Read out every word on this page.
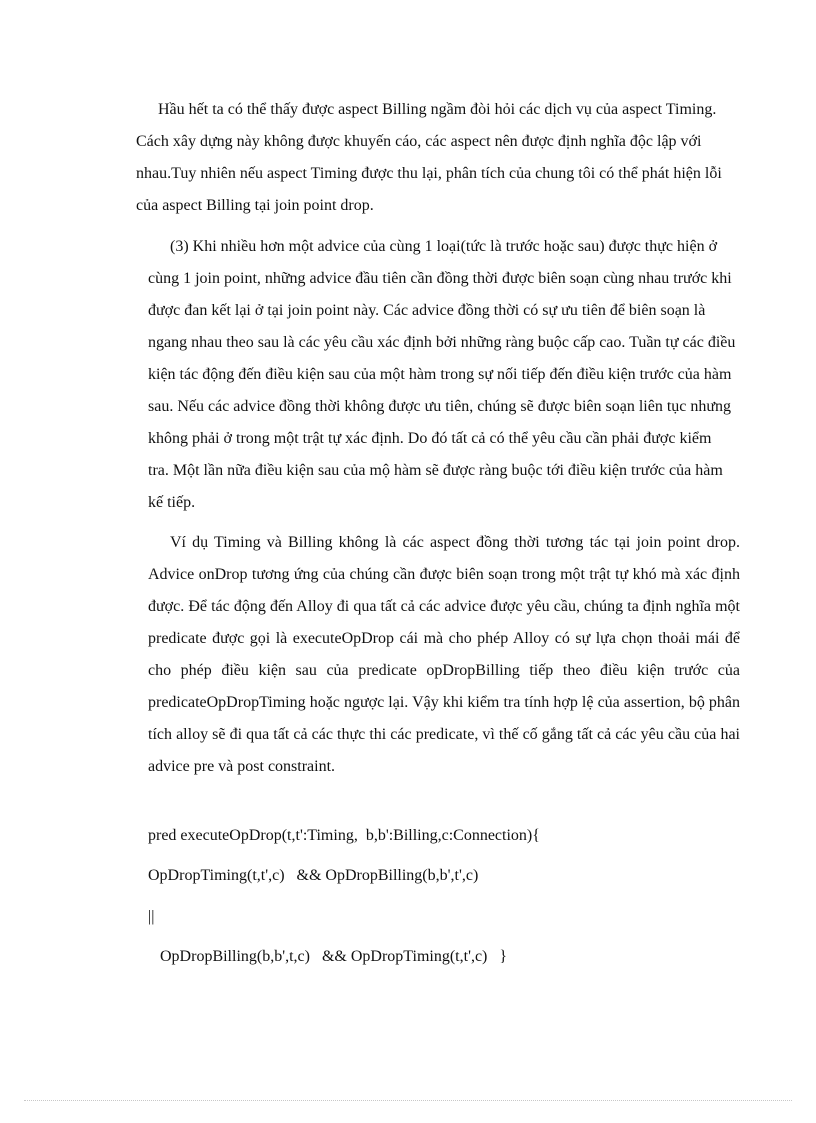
Hầu hết ta có thể thấy được aspect Billing ngầm đòi hỏi các dịch vụ của aspect Timing. Cách xây dựng này không được khuyến cáo, các aspect nên được định nghĩa độc lập với nhau.Tuy nhiên nếu aspect Timing được thu lại, phân tích của chung tôi có thể phát hiện lỗi của aspect Billing tại join point drop.

(3) Khi nhiều hơn một advice của cùng 1 loại(tức là trước hoặc sau) được thực hiện ở cùng 1 join point, những advice đầu tiên cần đồng thời được biên soạn cùng nhau trước khi được đan kết lại ở tại join point này. Các advice đồng thời có sự ưu tiên để biên soạn là ngang nhau theo sau là các yêu cầu xác định bởi những ràng buộc cấp cao. Tuần tự các điều kiện tác động đến điều kiện sau của một hàm trong sự nối tiếp đến điều kiện trước của hàm sau. Nếu các advice đồng thời không được ưu tiên, chúng sẽ được biên soạn liên tục nhưng không phải ở trong một trật tự xác định. Do đó tất cả có thể yêu cầu cần phải được kiểm tra. Một lần nữa điều kiện sau của mộ hàm sẽ được ràng buộc tới điều kiện trước của hàm kế tiếp.

Ví dụ Timing và Billing không là các aspect đồng thời tương tác tại join point drop. Advice onDrop tương ứng của chúng cần được biên soạn trong một trật tự khó mà xác định được. Để tác động đến Alloy đi qua tất cả các advice được yêu cầu, chúng ta định nghĩa một predicate được gọi là executeOpDrop cái mà cho phép Alloy có sự lựa chọn thoải mái để cho phép điều kiện sau của predicate opDropBilling tiếp theo điều kiện trước của predicateOpDropTiming hoặc ngược lại. Vậy khi kiểm tra tính hợp lệ của assertion, bộ phân tích alloy sẽ đi qua tất cả các thực thi các predicate, vì thế cố gắng tất cả các yêu cầu của hai advice pre và post constraint.

pred executeOpDrop(t,t':Timing,  b,b':Billing,c:Connection){
OpDropTiming(t,t',c)   && OpDropBilling(b,b',t',c)
||
OpDropBilling(b,b',t,c)   && OpDropTiming(t,t',c)   }
